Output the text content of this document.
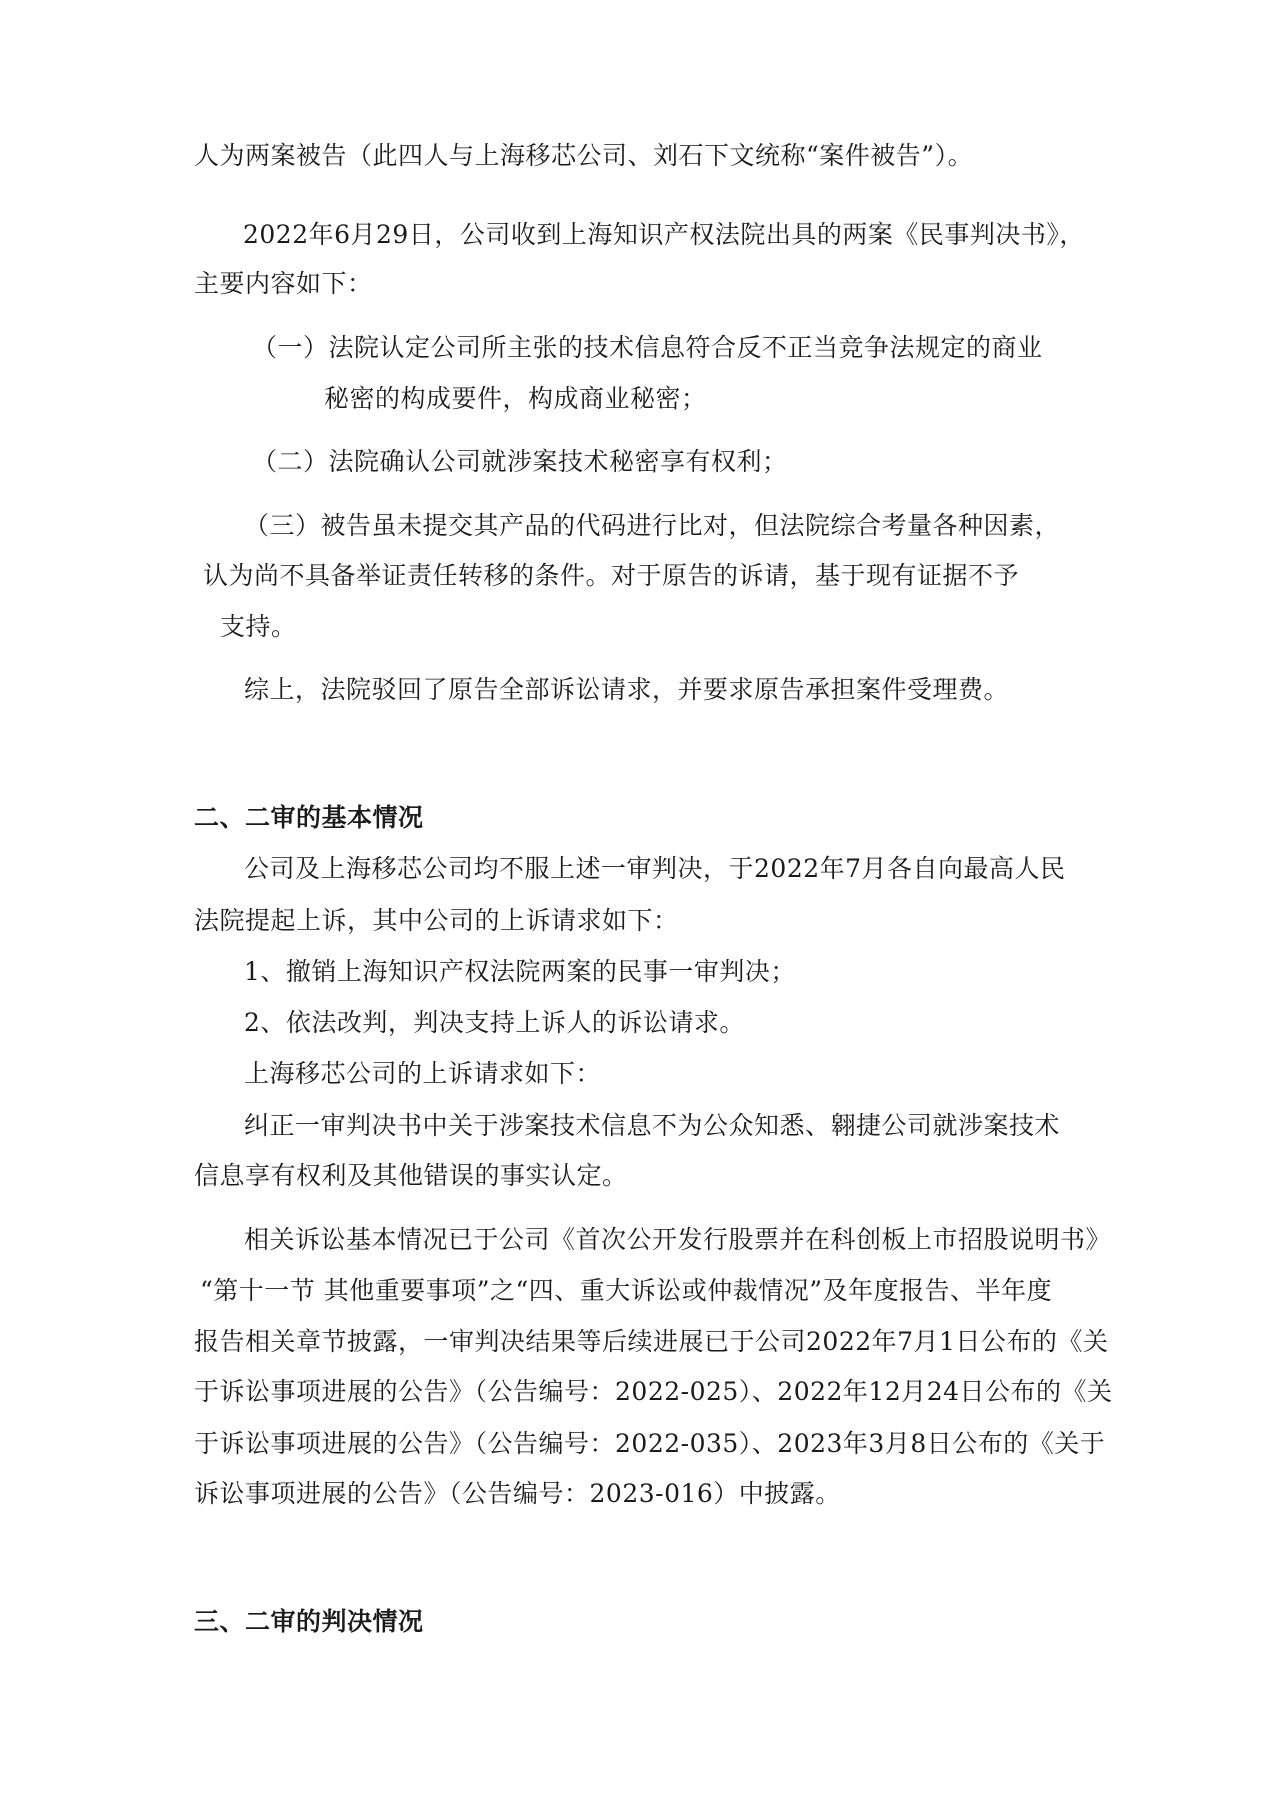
人为两案被告（此四人与上海移芯公司、刘石下文统称“案件被告”）。
2022年6月29日，公司收到上海知识产权法院出具的两案《民事判决书》，
主要内容如下：
（一）法院认定公司所主张的技术信息符合反不正当竞争法规定的商业
秘密的构成要件，构成商业秘密；
（二）法院确认公司就涉案技术秘密享有权利；
（三）被告虽未提交其产品的代码进行比对，但法院综合考量各种因素，
认为尚不具备举证责任转移的条件。对于原告的诉请，基于现有证据不予
支持。
综上，法院驳回了原告全部诉讼请求，并要求原告承担案件受理费。
二、二审的基本情况
公司及上海移芯公司均不服上述一审判决，于2022年7月各自向最高人民
法院提起上诉，其中公司的上诉请求如下：
1、撤销上海知识产权法院两案的民事一审判决；
2、依法改判，判决支持上诉人的诉讼请求。
上海移芯公司的上诉请求如下：
纠正一审判决书中关于涉案技术信息不为公众知悉、翱捷公司就涉案技术
信息享有权利及其他错误的事实认定。
相关诉讼基本情况已于公司《首次公开发行股票并在科创板上市招股说明书》
“第十一节 其他重要事项”之“四、重大诉讼或仲裁情况”及年度报告、半年度
报告相关章节披露，一审判决结果等后续进展已于公司2022年7月1日公布的《关
于诉讼事项进展的公告》（公告编号：2022-025）、2022年12月24日公布的《关
于诉讼事项进展的公告》（公告编号：2022-035）、2023年3月8日公布的《关于
诉讼事项进展的公告》（公告编号：2023-016）中披露。
三、二审的判决情况
